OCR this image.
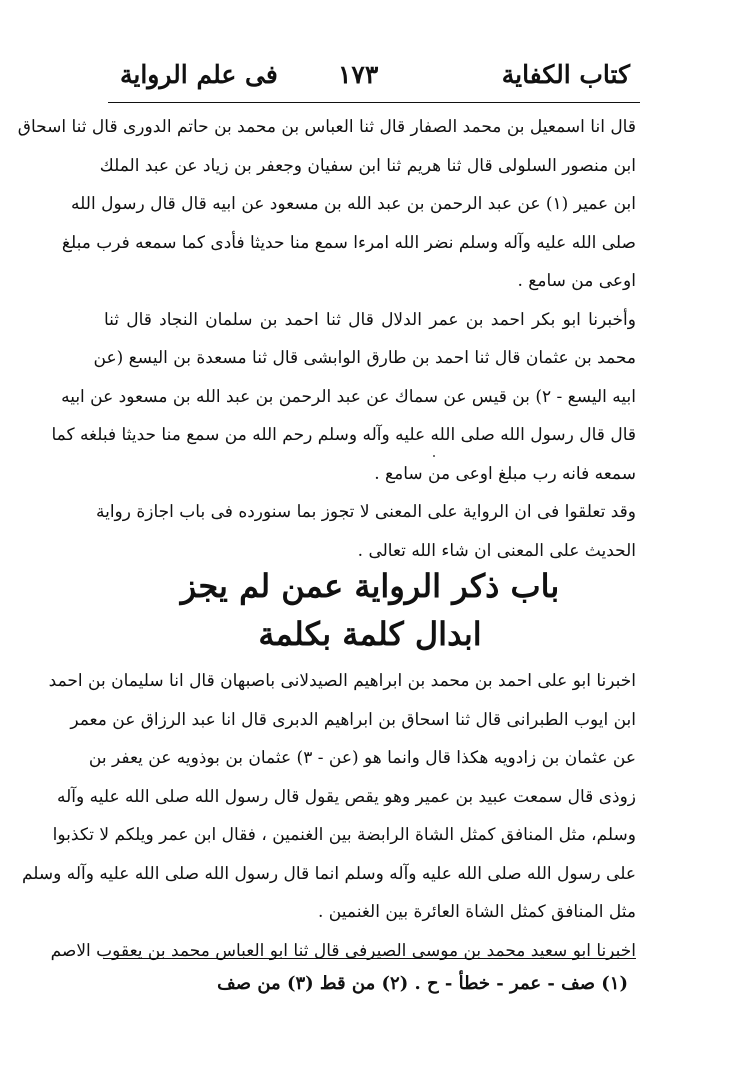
كتاب الكفاية
١٧٣
فى علم الرواية
قال انا اسمعيل بن محمد الصفار قال ثنا العباس بن محمد بن حاتم الدورى قال ثنا اسحاق
ابن منصور السلولى قال ثنا هريم ثنا ابن سفيان وجعفر بن زياد عن عبد الملك
ابن عمير (١) عن عبد الرحمن بن عبد الله بن مسعود عن ابيه قال قال رسول الله
صلى الله عليه وآله وسلم نضر الله امرءا سمع منا حديثا فأدى كما سمعه فرب مبلغ
اوعى من سامع .
وأخبرنا ابو بكر احمد بن عمر الدلال قال ثنا احمد بن سلمان النجاد قال ثنا
محمد بن عثمان قال ثنا احمد بن طارق الوابشى قال ثنا مسعدة بن اليسع (عن
ابيه اليسع - ٢) بن قيس عن سماك عن عبد الرحمن بن عبد الله بن مسعود عن ابيه
قال قال رسول الله صلى الله عليه وآله وسلم رحم الله من سمع منا حديثا فبلغه كما
سمعه فانه رب مبلغ اوعى من سامع .
وقد تعلقوا فى ان الرواية على المعنى لا تجوز بما سنورده فى باب اجازة رواية
الحديث على المعنى ان شاء الله تعالى .
باب ذكر الرواية عمن لم يجز
ابدال كلمة بكلمة
اخبرنا ابو على احمد بن محمد بن ابراهيم الصيدلانى باصبهان قال انا سليمان بن احمد
ابن ايوب الطبرانى قال ثنا اسحاق بن ابراهيم الدبرى قال انا عبد الرزاق عن معمر
عن عثمان بن زادويه هكذا قال وانما هو (عن - ٣) عثمان بن بوذويه عن يعفر بن
زوذى قال سمعت عبيد بن عمير وهو يقص يقول قال رسول الله صلى الله عليه وآله
وسلم، مثل المنافق كمثل الشاة الرابضة بين الغنمين ، فقال ابن عمر ويلكم لا تكذبوا
على رسول الله صلى الله عليه وآله وسلم انما قال رسول الله صلى الله عليه وآله وسلم
مثل المنافق كمثل الشاة العائرة بين الغنمين .
اخبرنا ابو سعيد محمد بن موسى الصيرفى قال ثنا ابو العباس محمد بن يعقوب الاصم
(١) صف - عمر - خطأ - ح . (٢) من قط (٣) من صف
